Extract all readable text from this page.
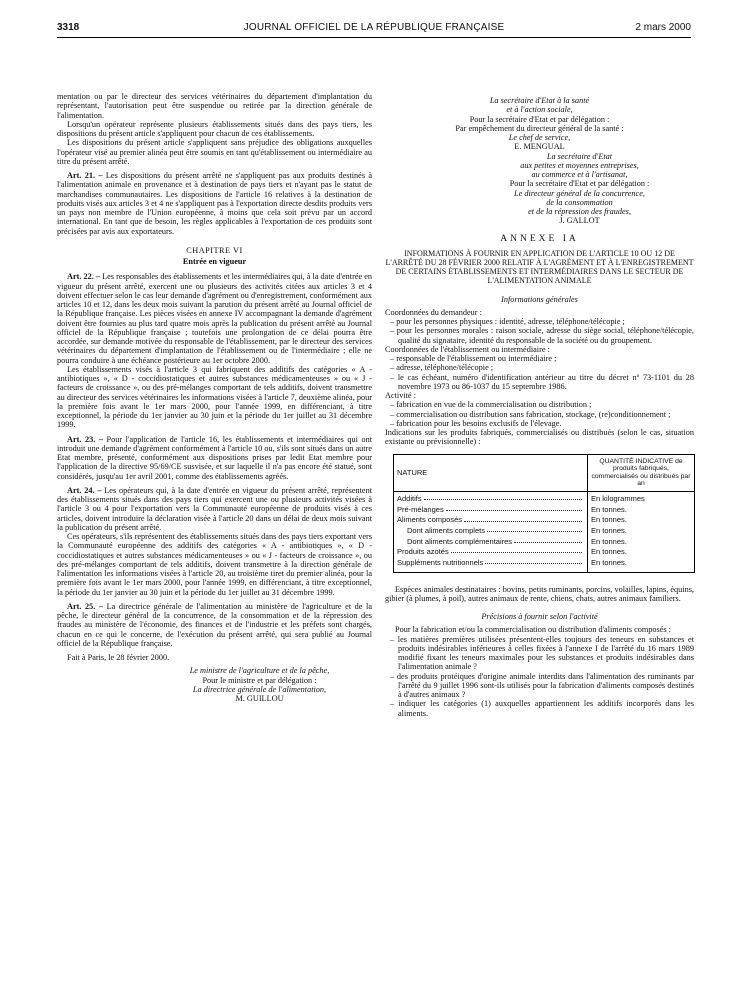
3318	JOURNAL OFFICIEL DE LA RÉPUBLIQUE FRANÇAISE	2 mars 2000

mentation ou par le directeur des services vétérinaires du département d'implantation du représentant, l'autorisation peut être suspendue ou retirée par la direction générale de l'alimentation.

Lorsqu'un opérateur représente plusieurs établissements situés dans des pays tiers, les dispositions du présent article s'appliquent pour chacun de ces établissements.

Les dispositions du présent article s'appliquent sans préjudice des obligations auxquelles l'opérateur visé au premier alinéa peut être soumis en tant qu'établissement ou intermédiaire au titre du présent arrêté.

Art. 21. – Les dispositions du présent arrêté ne s'appliquent pas aux produits destinés à l'alimentation animale en provenance et à destination de pays tiers et n'ayant pas le statut de marchandises communautaires. Les dispositions de l'article 16 relatives à la destination de produits visés aux articles 3 et 4 ne s'appliquent pas à l'exportation directe desdits produits vers un pays non membre de l'Union européenne, à moins que cela soit prévu par un accord international. En tant que de besoin, les règles applicables à l'exportation de ces produits sont précisées par avis aux exportateurs.

CHAPITRE VI
Entrée en vigueur

Art. 22. – Les responsables des établissements et les intermédiaires qui, à la date d'entrée en vigueur du présent arrêté, exercent une ou plusieurs des activités citées aux articles 3 et 4 doivent effectuer selon le cas leur demande d'agrément ou d'enregistrement, conformément aux articles 10 et 12, dans les deux mois suivant la parution du présent arrêté au Journal officiel de la République française. Les pièces visées en annexe IV accompagnant la demande d'agrément doivent être fournies au plus tard quatre mois après la publication du présent arrêté au Journal officiel de la République française ; toutefois une prolongation de ce délai pourra être accordée, sur demande motivée du responsable de l'établissement, par le directeur des services vétérinaires du département d'implantation de l'établissement ou de l'intermédiaire ; elle ne pourra conduire à une échéance postérieure au 1er octobre 2000.

Les établissements visés à l'article 3 qui fabriquent des additifs des catégories « A - antibiotiques », « D - coccidiostatiques et autres substances médicamenteuses » ou « J - facteurs de croissance », ou des pré-mélanges comportant de tels additifs, doivent transmettre au directeur des services vétérinaires les informations visées à l'article 7, deuxième alinéa, pour la première fois avant le 1er mars 2000, pour l'année 1999, en différenciant, à titre exceptionnel, la période du 1er janvier au 30 juin et la période du 1er juillet au 31 décembre 1999.

Art. 23. – Pour l'application de l'article 16, les établissements et intermédiaires qui ont introduit une demande d'agrément conformément à l'article 10 ou, s'ils sont situés dans un autre Etat membre, présenté, conformément aux dispositions prises par ledit Etat membre pour l'application de la directive 95/69/CE susvisée, et sur laquelle il n'a pas encore été statué, sont considérés, jusqu'au 1er avril 2001, comme des établissements agréés.

Art. 24. – Les opérateurs qui, à la date d'entrée en vigueur du présent arrêté, représentent des établissements situés dans des pays tiers qui exercent une ou plusieurs activités visées à l'article 3 ou 4 pour l'exportation vers la Communauté européenne de produits visés à ces articles, doivent introduire la déclaration visée à l'article 20 dans un délai de deux mois suivant la publication du présent arrêté.

Ces opérateurs, s'ils représentent des établissements situés dans des pays tiers exportant vers la Communauté européenne des additifs des catégories « A - antibiotiques », « D - coccidiostatiques et autres substances médicamenteuses » ou « J - facteurs de croissance », ou des pré-mélanges comportant de tels additifs, doivent transmettre à la direction générale de l'alimentation les informations visées à l'article 20, au troisième tiret du premier alinéa, pour la première fois avant le 1er mars 2000, pour l'année 1999, en différenciant, à titre exceptionnel, la période du 1er janvier au 30 juin et la période du 1er juillet au 31 décembre 1999.

Art. 25. – La directrice générale de l'alimentation au ministère de l'agriculture et de la pêche, le directeur général de la concurrence, de la consommation et de la répression des fraudes au ministère de l'économie, des finances et de l'industrie et les préfets sont chargés, chacun en ce qui le concerne, de l'exécution du présent arrêté, qui sera publié au Journal officiel de la République française.

Fait à Paris, le 28 février 2000.

Le ministre de l'agriculture et de la pêche,

Pour le ministre et par délégation :

La directrice générale de l'alimentation,

M. GUILLOU

La secrétaire d'Etat à la santé

et à l'action sociale,

Pour la secrétaire d'Etat et par délégation :

Par empêchement du directeur général de la santé :

Le chef de service,

E. MENGUAL

La secrétaire d'Etat

aux petites et moyennes entreprises,

au commerce et à l'artisanat,

Pour la secrétaire d'Etat et par délégation :

Le directeur général de la concurrence,

de la consommation

et de la répression des fraudes,

J. GALLOT

ANNEXE IA

INFORMATIONS À FOURNIR EN APPLICATION DE L'ARTICLE 10 OU 12 DE L'ARRÊTÉ DU 28 FÉVRIER 2000 RELATIF À L'AGRÉMENT ET À L'ENREGISTREMENT DE CERTAINS ÉTABLISSEMENTS ET INTERMÉDIAIRES DANS LE SECTEUR DE L'ALIMENTATION ANIMALE

Informations générales

Coordonnées du demandeur :

– pour les personnes physiques : identité, adresse, téléphone/télécopie ;

– pour les personnes morales : raison sociale, adresse du siège social, téléphone/télécopie, qualité du signataire, identité du responsable de la société ou du groupement.

Coordonnées de l'établissement ou intermédiaire :

– responsable de l'établissement ou intermédiaire ;

– adresse, téléphone/télécopie ;

– le cas échéant, numéro d'identification antérieur au titre du décret nº 73-1101 du 28 novembre 1973 ou 86-1037 du 15 septembre 1986.

Activité :

– fabrication en vue de la commercialisation ou distribution ;

– commercialisation ou distribution sans fabrication, stockage, (re)conditionnement ;

– fabrication pour les besoins exclusifs de l'élevage.

Indications sur les produits fabriqués, commercialisés ou distribués (selon le cas, situation existante ou prévisionnelle) :

NATURE	QUANTITÉ INDICATIVE de produits fabriqués, commercialisés ou distribués par an

Additifs	En kilogrammes

Pré-mélanges	En tonnes.

Aliments composés	En tonnes.

Dont aliments complets	En tonnes.

Dont aliments complémentaires	En tonnes.

Produits azotés	En tonnes.

Suppléments nutritionnels	En tonnes.

Espèces animales destinataires : bovins, petits ruminants, porcins, volailles, lapins, équins, gibier (à plumes, à poil), autres animaux de rente, chiens, chats, autres animaux familiers.

Précisions à fournir selon l'activité

Pour la fabrication et/ou la commercialisation ou distribution d'aliments composés :

– les matières premières utilisées présentent-elles toujours des teneurs en substances et produits indésirables inférieures à celles fixées à l'annexe I de l'arrêté du 16 mars 1989 modifié fixant les teneurs maximales pour les substances et produits indésirables dans l'alimentation animale ?

– des produits protéiques d'origine animale interdits dans l'alimentation des ruminants par l'arrêté du 9 juillet 1996 sont-ils utilisés pour la fabrication d'aliments composés destinés à d'autres animaux ?

– indiquer les catégories (1) auxquelles appartiennent les additifs incorporés dans les aliments.
